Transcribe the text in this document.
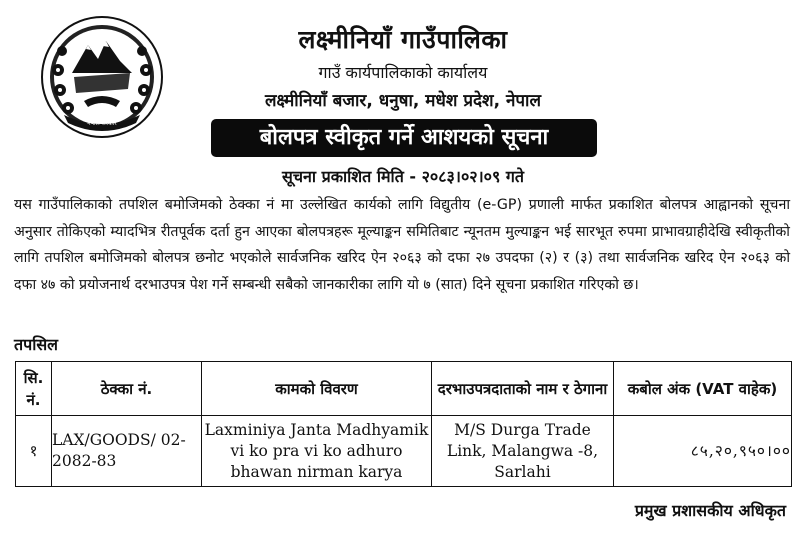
नेपाल सरकार
लक्ष्मीनियाँ गाउँपालिका
गाउँ कार्यपालिकाको कार्यालय
लक्ष्मीनियाँ बजार, धनुषा, मधेश प्रदेश, नेपाल
बोलपत्र स्वीकृत गर्ने आशयको सूचना
सूचना प्रकाशित मिति - २०८३।०२।०९ गते
यस गाउँपालिकाको तपशिल बमोजिमको ठेक्का नं मा उल्लेखित कार्यको लागि विद्युतीय (e-GP) प्रणाली मार्फत प्रकाशित बोलपत्र आह्वानको सूचना अनुसार तोकिएको म्यादभित्र रीतपूर्वक दर्ता हुन आएका बोलपत्रहरू मूल्याङ्कन समितिबाट न्यूनतम मुल्याङ्कन भई सारभूत रुपमा प्राभावग्राहीदेखि स्वीकृतीको लागि तपशिल बमोजिमको बोलपत्र छनोट भएकोले सार्वजनिक खरिद ऐन २०६३ को दफा २७ उपदफा (२) र (३) तथा सार्वजनिक खरिद ऐन २०६३ को दफा ४७ को प्रयोजनार्थ दरभाउपत्र पेश गर्ने सम्बन्धी सबैको जानकारीका लागि यो ७ (सात) दिने सूचना प्रकाशित गरिएको छ।
तपसिल
सि. नं.	ठेक्का नं.	कामको विवरण	दरभाउपत्रदाताको नाम र ठेगाना	कबोल अंक (VAT वाहेक)
१	LAX/GOODS/ 02-2082-83	Laxminiya Janta Madhyamik vi ko pra vi ko adhuro bhawan nirman karya	M/S Durga Trade Link, Malangwa -8, Sarlahi	८५,२०,९५०।००
प्रमुख प्रशासकीय अधिकृत
